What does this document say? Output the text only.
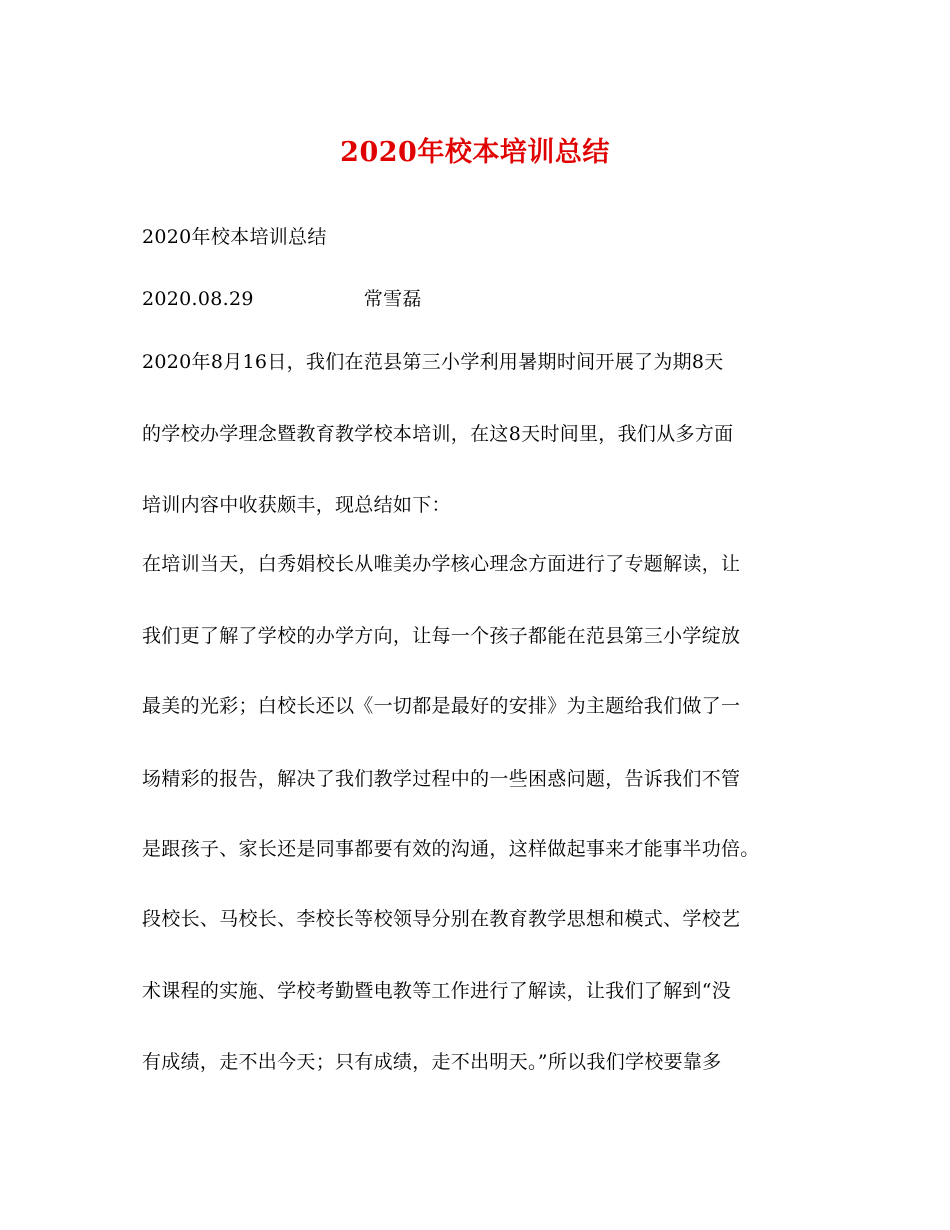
2020年校本培训总结
2020年校本培训总结
2020.08.29	常雪磊
2020年8月16日，我们在范县第三小学利用暑期时间开展了为期8天
的学校办学理念暨教育教学校本培训，在这8天时间里，我们从多方面
培训内容中收获颇丰，现总结如下：
在培训当天，白秀娟校长从唯美办学核心理念方面进行了专题解读，让
我们更了解了学校的办学方向，让每一个孩子都能在范县第三小学绽放
最美的光彩；白校长还以《一切都是最好的安排》为主题给我们做了一
场精彩的报告，解决了我们教学过程中的一些困惑问题，告诉我们不管
是跟孩子、家长还是同事都要有效的沟通，这样做起事来才能事半功倍。
段校长、马校长、李校长等校领导分别在教育教学思想和模式、学校艺
术课程的实施、学校考勤暨电教等工作进行了解读，让我们了解到“没
有成绩，走不出今天；只有成绩，走不出明天。”所以我们学校要靠多
